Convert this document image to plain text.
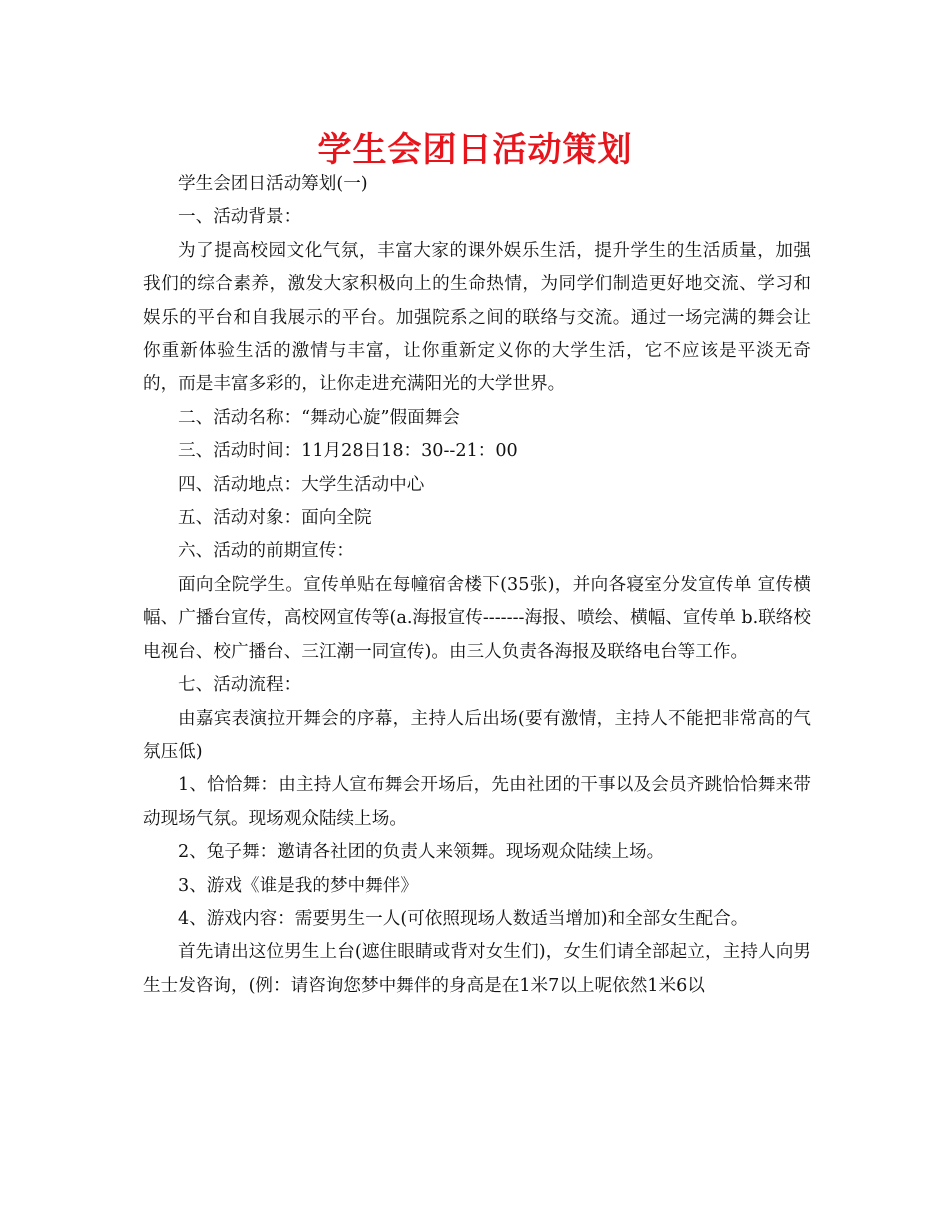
学生会团日活动策划

学生会团日活动筹划(一)

一、活动背景：

为了提高校园文化气氛，丰富大家的课外娱乐生活，提升学生的生活质量，加强我们的综合素养，激发大家积极向上的生命热情，为同学们制造更好地交流、学习和娱乐的平台和自我展示的平台。加强院系之间的联络与交流。通过一场完满的舞会让你重新体验生活的激情与丰富，让你重新定义你的大学生活，它不应该是平淡无奇的，而是丰富多彩的，让你走进充满阳光的大学世界。

二、活动名称：“舞动心旋”假面舞会

三、活动时间：11月28日18：30--21：00

四、活动地点：大学生活动中心

五、活动对象：面向全院

六、活动的前期宣传：

面向全院学生。宣传单贴在每幢宿舍楼下(35张)，并向各寝室分发宣传单 宣传横幅、广播台宣传，高校网宣传等(a.海报宣传-------海报、喷绘、横幅、宣传单 b.联络校电视台、校广播台、三江潮一同宣传)。由三人负责各海报及联络电台等工作。

七、活动流程：

由嘉宾表演拉开舞会的序幕，主持人后出场(要有激情，主持人不能把非常高的气氛压低)

1、恰恰舞：由主持人宣布舞会开场后，先由社团的干事以及会员齐跳恰恰舞来带动现场气氛。现场观众陆续上场。

2、兔子舞：邀请各社团的负责人来领舞。现场观众陆续上场。

3、游戏《谁是我的梦中舞伴》

4、游戏内容：需要男生一人(可依照现场人数适当增加)和全部女生配合。

首先请出这位男生上台(遮住眼睛或背对女生们)，女生们请全部起立，主持人向男生士发咨询，(例：请咨询您梦中舞伴的身高是在1米7以上呢依然1米6以
